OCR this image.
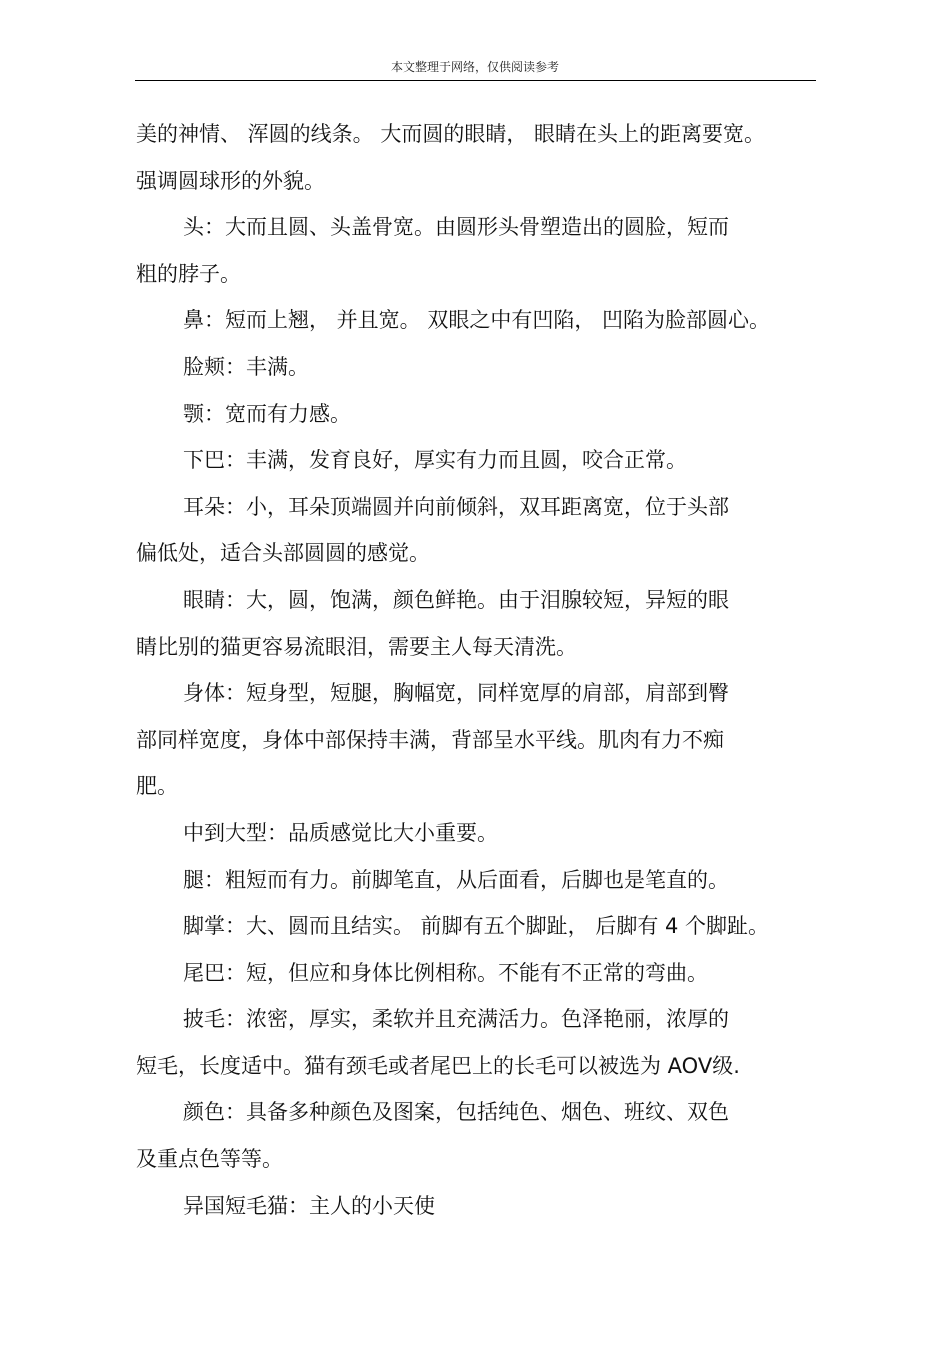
本文整理于网络，仅供阅读参考
美的神情、 浑圆的线条。 大而圆的眼睛， 眼睛在头上的距离要宽。
强调圆球形的外貌。
头：大而且圆、头盖骨宽。由圆形头骨塑造出的圆脸，短而
粗的脖子。
鼻：短而上翘， 并且宽。 双眼之中有凹陷， 凹陷为脸部圆心。
脸颊：丰满。
颚：宽而有力感。
下巴：丰满，发育良好，厚实有力而且圆，咬合正常。
耳朵：小，耳朵顶端圆并向前倾斜，双耳距离宽，位于头部
偏低处，适合头部圆圆的感觉。
眼睛：大，圆，饱满，颜色鲜艳。由于泪腺较短，异短的眼
睛比别的猫更容易流眼泪，需要主人每天清洗。
身体：短身型，短腿，胸幅宽，同样宽厚的肩部，肩部到臀
部同样宽度，身体中部保持丰满，背部呈水平线。肌肉有力不痴
肥。
中到大型：品质感觉比大小重要。
腿：粗短而有力。前脚笔直，从后面看，后脚也是笔直的。
脚掌：大、圆而且结实。 前脚有五个脚趾， 后脚有 4 个脚趾。
尾巴：短，但应和身体比例相称。不能有不正常的弯曲。
披毛：浓密，厚实，柔软并且充满活力。色泽艳丽，浓厚的
短毛，长度适中。猫有颈毛或者尾巴上的长毛可以被选为 AOV级.
颜色：具备多种颜色及图案，包括纯色、烟色、班纹、双色
及重点色等等。
异国短毛猫：主人的小天使
